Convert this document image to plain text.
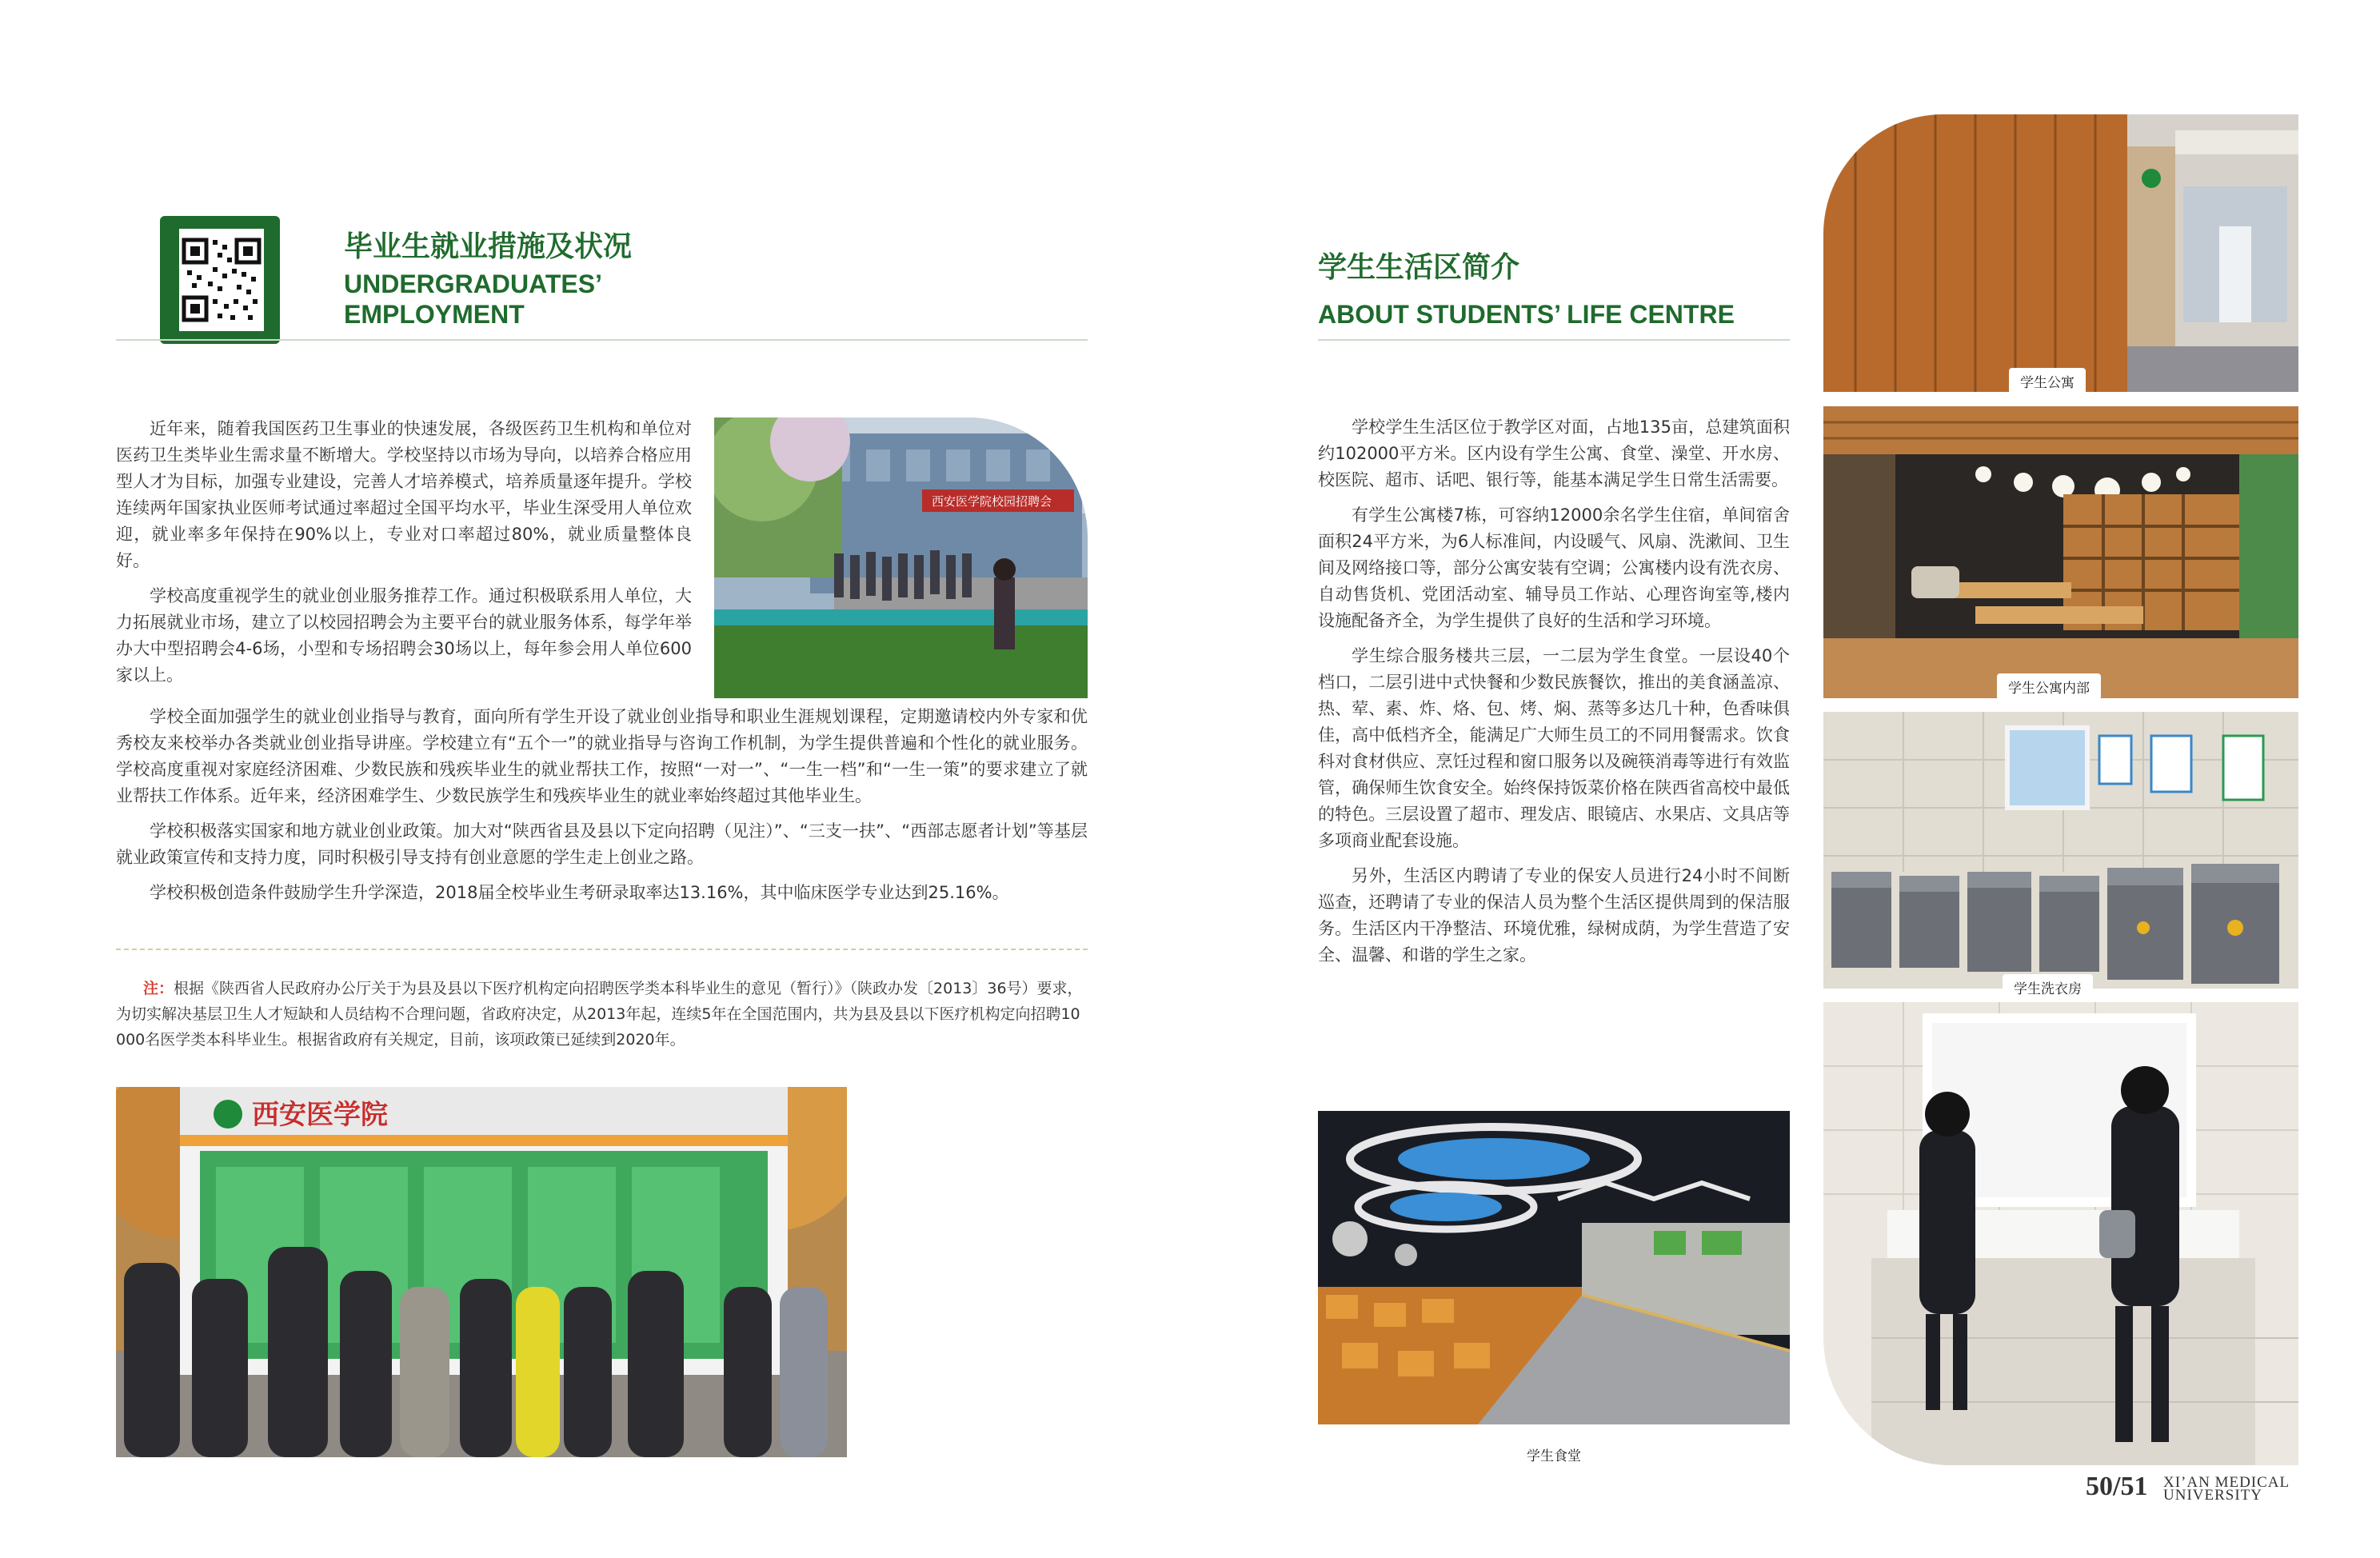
毕业生就业措施及状况
UNDERGRADUATES’
EMPLOYMENT
西安医学院校园招聘会

近年来，随着我国医药卫生事业的快速发展，各级医药卫生机构和单位对医药卫生类毕业生需求量不断增大。学校坚持以市场为导向，以培养合格应用型人才为目标，加强专业建设，完善人才培养模式，培养质量逐年提升。学校连续两年国家执业医师考试通过率超过全国平均水平，毕业生深受用人单位欢迎，就业率多年保持在90%以上，专业对口率超过80%，就业质量整体良好。

学校高度重视学生的就业创业服务推荐工作。通过积极联系用人单位，大力拓展就业市场，建立了以校园招聘会为主要平台的就业服务体系，每学年举办大中型招聘会4-6场，小型和专场招聘会30场以上，每年参会用人单位600家以上。

学校全面加强学生的就业创业指导与教育，面向所有学生开设了就业创业指导和职业生涯规划课程，定期邀请校内外专家和优秀校友来校举办各类就业创业指导讲座。学校建立有“五个一”的就业指导与咨询工作机制，为学生提供普遍和个性化的就业服务。学校高度重视对家庭经济困难、少数民族和残疾毕业生的就业帮扶工作，按照“一对一”、“一生一档”和“一生一策”的要求建立了就业帮扶工作体系。近年来，经济困难学生、少数民族学生和残疾毕业生的就业率始终超过其他毕业生。

学校积极落实国家和地方就业创业政策。加大对“陕西省县及县以下定向招聘（见注）”、“三支一扶”、“西部志愿者计划”等基层就业政策宣传和支持力度，同时积极引导支持有创业意愿的学生走上创业之路。

学校积极创造条件鼓励学生升学深造，2018届全校毕业生考研录取率达13.16%，其中临床医学专业达到25.16%。

注：根据《陕西省人民政府办公厅关于为县及县以下医疗机构定向招聘医学类本科毕业生的意见（暂行）》（陕政办发〔2013〕36号）要求，为切实解决基层卫生人才短缺和人员结构不合理问题，省政府决定，从2013年起，连续5年在全国范围内，共为县及县以下医疗机构定向招聘10000名医学类本科毕业生。根据省政府有关规定，目前，该项政策已延续到2020年。
西安医学院
学生生活区简介
ABOUT STUDENTS’ LIFE CENTRE

学校学生生活区位于教学区对面，占地135亩，总建筑面积约102000平方米。区内设有学生公寓、食堂、澡堂、开水房、校医院、超市、话吧、银行等，能基本满足学生日常生活需要。

有学生公寓楼7栋，可容纳12000余名学生住宿，单间宿舍面积24平方米，为6人标准间，内设暖气、风扇、洗漱间、卫生间及网络接口等，部分公寓安装有空调；公寓楼内设有洗衣房、自动售货机、党团活动室、辅导员工作站、心理咨询室等,楼内设施配备齐全，为学生提供了良好的生活和学习环境。

学生综合服务楼共三层，一二层为学生食堂。一层设40个档口，二层引进中式快餐和少数民族餐饮，推出的美食涵盖凉、热、荤、素、炸、烙、包、烤、焖、蒸等多达几十种，色香味俱佳，高中低档齐全，能满足广大师生员工的不同用餐需求。饮食科对食材供应、烹饪过程和窗口服务以及碗筷消毒等进行有效监管，确保师生饮食安全。始终保持饭菜价格在陕西省高校中最低的特色。三层设置了超市、理发店、眼镜店、水果店、文具店等多项商业配套设施。

另外，生活区内聘请了专业的保安人员进行24小时不间断巡查，还聘请了专业的保洁人员为整个生活区提供周到的保洁服务。生活区内干净整洁、环境优雅，绿树成荫，为学生营造了安全、温馨、和谐的学生之家。

学生食堂
学生公寓
学生公寓内部
学生洗衣房
50/51 XI’AN MEDICAL
UNIVERSITY
